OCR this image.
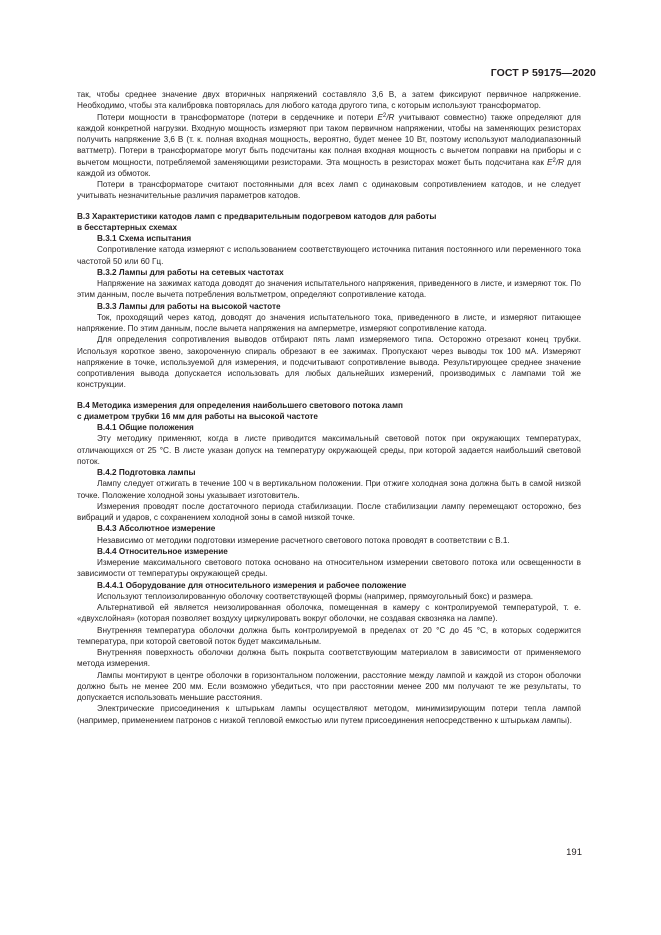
ГОСТ Р 59175—2020

так, чтобы среднее значение двух вторичных напряжений составляло 3,6 В, а затем фиксируют первичное напряжение. Необходимо, чтобы эта калибровка повторялась для любого катода другого типа, с которым используют трансформатор.

Потери мощности в трансформаторе (потери в сердечнике и потери $E^2/R$ учитывают совместно) также определяют для каждой конкретной нагрузки. Входную мощность измеряют при таком первичном напряжении, чтобы на заменяющих резисторах получить напряжение 3,6 В (т. к. полная входная мощность, вероятно, будет менее 10 Вт, поэтому используют малодиапазонный ваттметр). Потери в трансформаторе могут быть подсчитаны как полная входная мощность с вычетом поправки на приборы и с вычетом мощности, потребляемой заменяющими резисторами. Эта мощность в резисторах может быть подсчитана как $E^2/R$ для каждой из обмоток.

Потери в трансформаторе считают постоянными для всех ламп с одинаковым сопротивлением катодов, и не следует учитывать незначительные различия параметров катодов.

B.3 Характеристики катодов ламп с предварительным подогревом катодов для работы
в бесстартерных схемах
B.3.1 Схема испытания

Сопротивление катода измеряют с использованием соответствующего источника питания постоянного или переменного тока частотой 50 или 60 Гц.

B.3.2 Лампы для работы на сетевых частотах

Напряжение на зажимах катода доводят до значения испытательного напряжения, приведенного в листе, и измеряют ток. По этим данным, после вычета потребления вольтметром, определяют сопротивление катода.

B.3.3 Лампы для работы на высокой частоте

Ток, проходящий через катод, доводят до значения испытательного тока, приведенного в листе, и измеряют питающее напряжение. По этим данным, после вычета напряжения на амперметре, измеряют сопротивление катода.

Для определения сопротивления выводов отбирают пять ламп измеряемого типа. Осторожно отрезают конец трубки. Используя короткое звено, закороченную спираль обрезают в ее зажимах. Пропускают через выводы ток 100 мА. Измеряют напряжение в точке, используемой для измерения, и подсчитывают сопротивление вывода. Результирующее среднее значение сопротивления вывода допускается использовать для любых дальнейших измерений, производимых с лампами той же конструкции.

B.4 Методика измерения для определения наибольшего светового потока ламп
с диаметром трубки 16 мм для работы на высокой частоте
B.4.1 Общие положения

Эту методику применяют, когда в листе приводится максимальный световой поток при окружающих температурах, отличающихся от 25 °С. В листе указан допуск на температуру окружающей среды, при которой задается наибольший световой поток.

B.4.2 Подготовка лампы

Лампу следует отжигать в течение 100 ч в вертикальном положении. При отжиге холодная зона должна быть в самой низкой точке. Положение холодной зоны указывает изготовитель.

Измерения проводят после достаточного периода стабилизации. После стабилизации лампу перемещают осторожно, без вибраций и ударов, с сохранением холодной зоны в самой низкой точке.

B.4.3 Абсолютное измерение

Независимо от методики подготовки измерение расчетного светового потока проводят в соответствии с B.1.

B.4.4 Относительное измерение

Измерение максимального светового потока основано на относительном измерении светового потока или освещенности в зависимости от температуры окружающей среды.

B.4.4.1 Оборудование для относительного измерения и рабочее положение

Используют теплоизолированную оболочку соответствующей формы (например, прямоугольный бокс) и размера.

Альтернативой ей является неизолированная оболочка, помещенная в камеру с контролируемой температурой, т. е. «двухслойная» (которая позволяет воздуху циркулировать вокруг оболочки, не создавая сквозняка на лампе).

Внутренняя температура оболочки должна быть контролируемой в пределах от 20 °С до 45 °С, в которых содержится температура, при которой световой поток будет максимальным.

Внутренняя поверхность оболочки должна быть покрыта соответствующим материалом в зависимости от применяемого метода измерения.

Лампы монтируют в центре оболочки в горизонтальном положении, расстояние между лампой и каждой из сторон оболочки должно быть не менее 200 мм. Если возможно убедиться, что при расстоянии менее 200 мм получают те же результаты, то допускается использовать меньшие расстояния.

Электрические присоединения к штырькам лампы осуществляют методом, минимизирующим потери тепла лампой (например, применением патронов с низкой тепловой емкостью или путем присоединения непосредственно к штырькам лампы).

191
